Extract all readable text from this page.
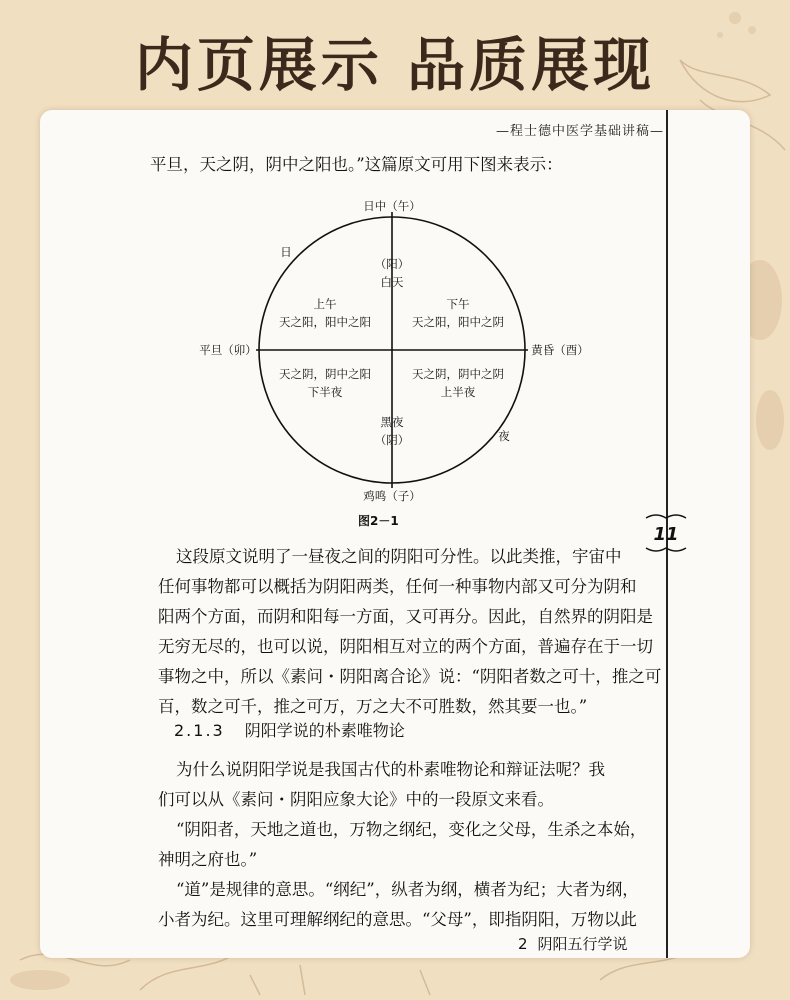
内页展示 品质展现
—程士德中医学基础讲稿—
11
平旦，天之阴，阴中之阳也。”这篇原文可用下图来表示：
日中（午）
鸡鸣（子）
平旦（卯）	黄昏（酉）
日
夜
（阳）
白天
黑夜
（阴）
上午
天之阳，阳中之阳
下午
天之阳，阳中之阴
天之阴，阴中之阳
下半夜
天之阴，阴中之阴
上半夜
图2－1
这段原文说明了一昼夜之间的阴阳可分性。以此类推，宇宙中
任何事物都可以概括为阴阳两类，任何一种事物内部又可分为阴和
阳两个方面，而阴和阳每一方面，又可再分。因此，自然界的阴阳是
无穷无尽的，也可以说，阴阳相互对立的两个方面，普遍存在于一切
事物之中，所以《素问・阴阳离合论》说：“阴阳者数之可十，推之可
百，数之可千，推之可万，万之大不可胜数，然其要一也。”
2.1.3 阴阳学说的朴素唯物论
为什么说阴阳学说是我国古代的朴素唯物论和辩证法呢？我
们可以从《素问・阴阳应象大论》中的一段原文来看。
“阴阳者，天地之道也，万物之纲纪，变化之父母，生杀之本始，
神明之府也。”
“道”是规律的意思。“纲纪”，纵者为纲，横者为纪；大者为纲，
小者为纪。这里可理解纲纪的意思。“父母”，即指阴阳，万物以此
2 阴阳五行学说
